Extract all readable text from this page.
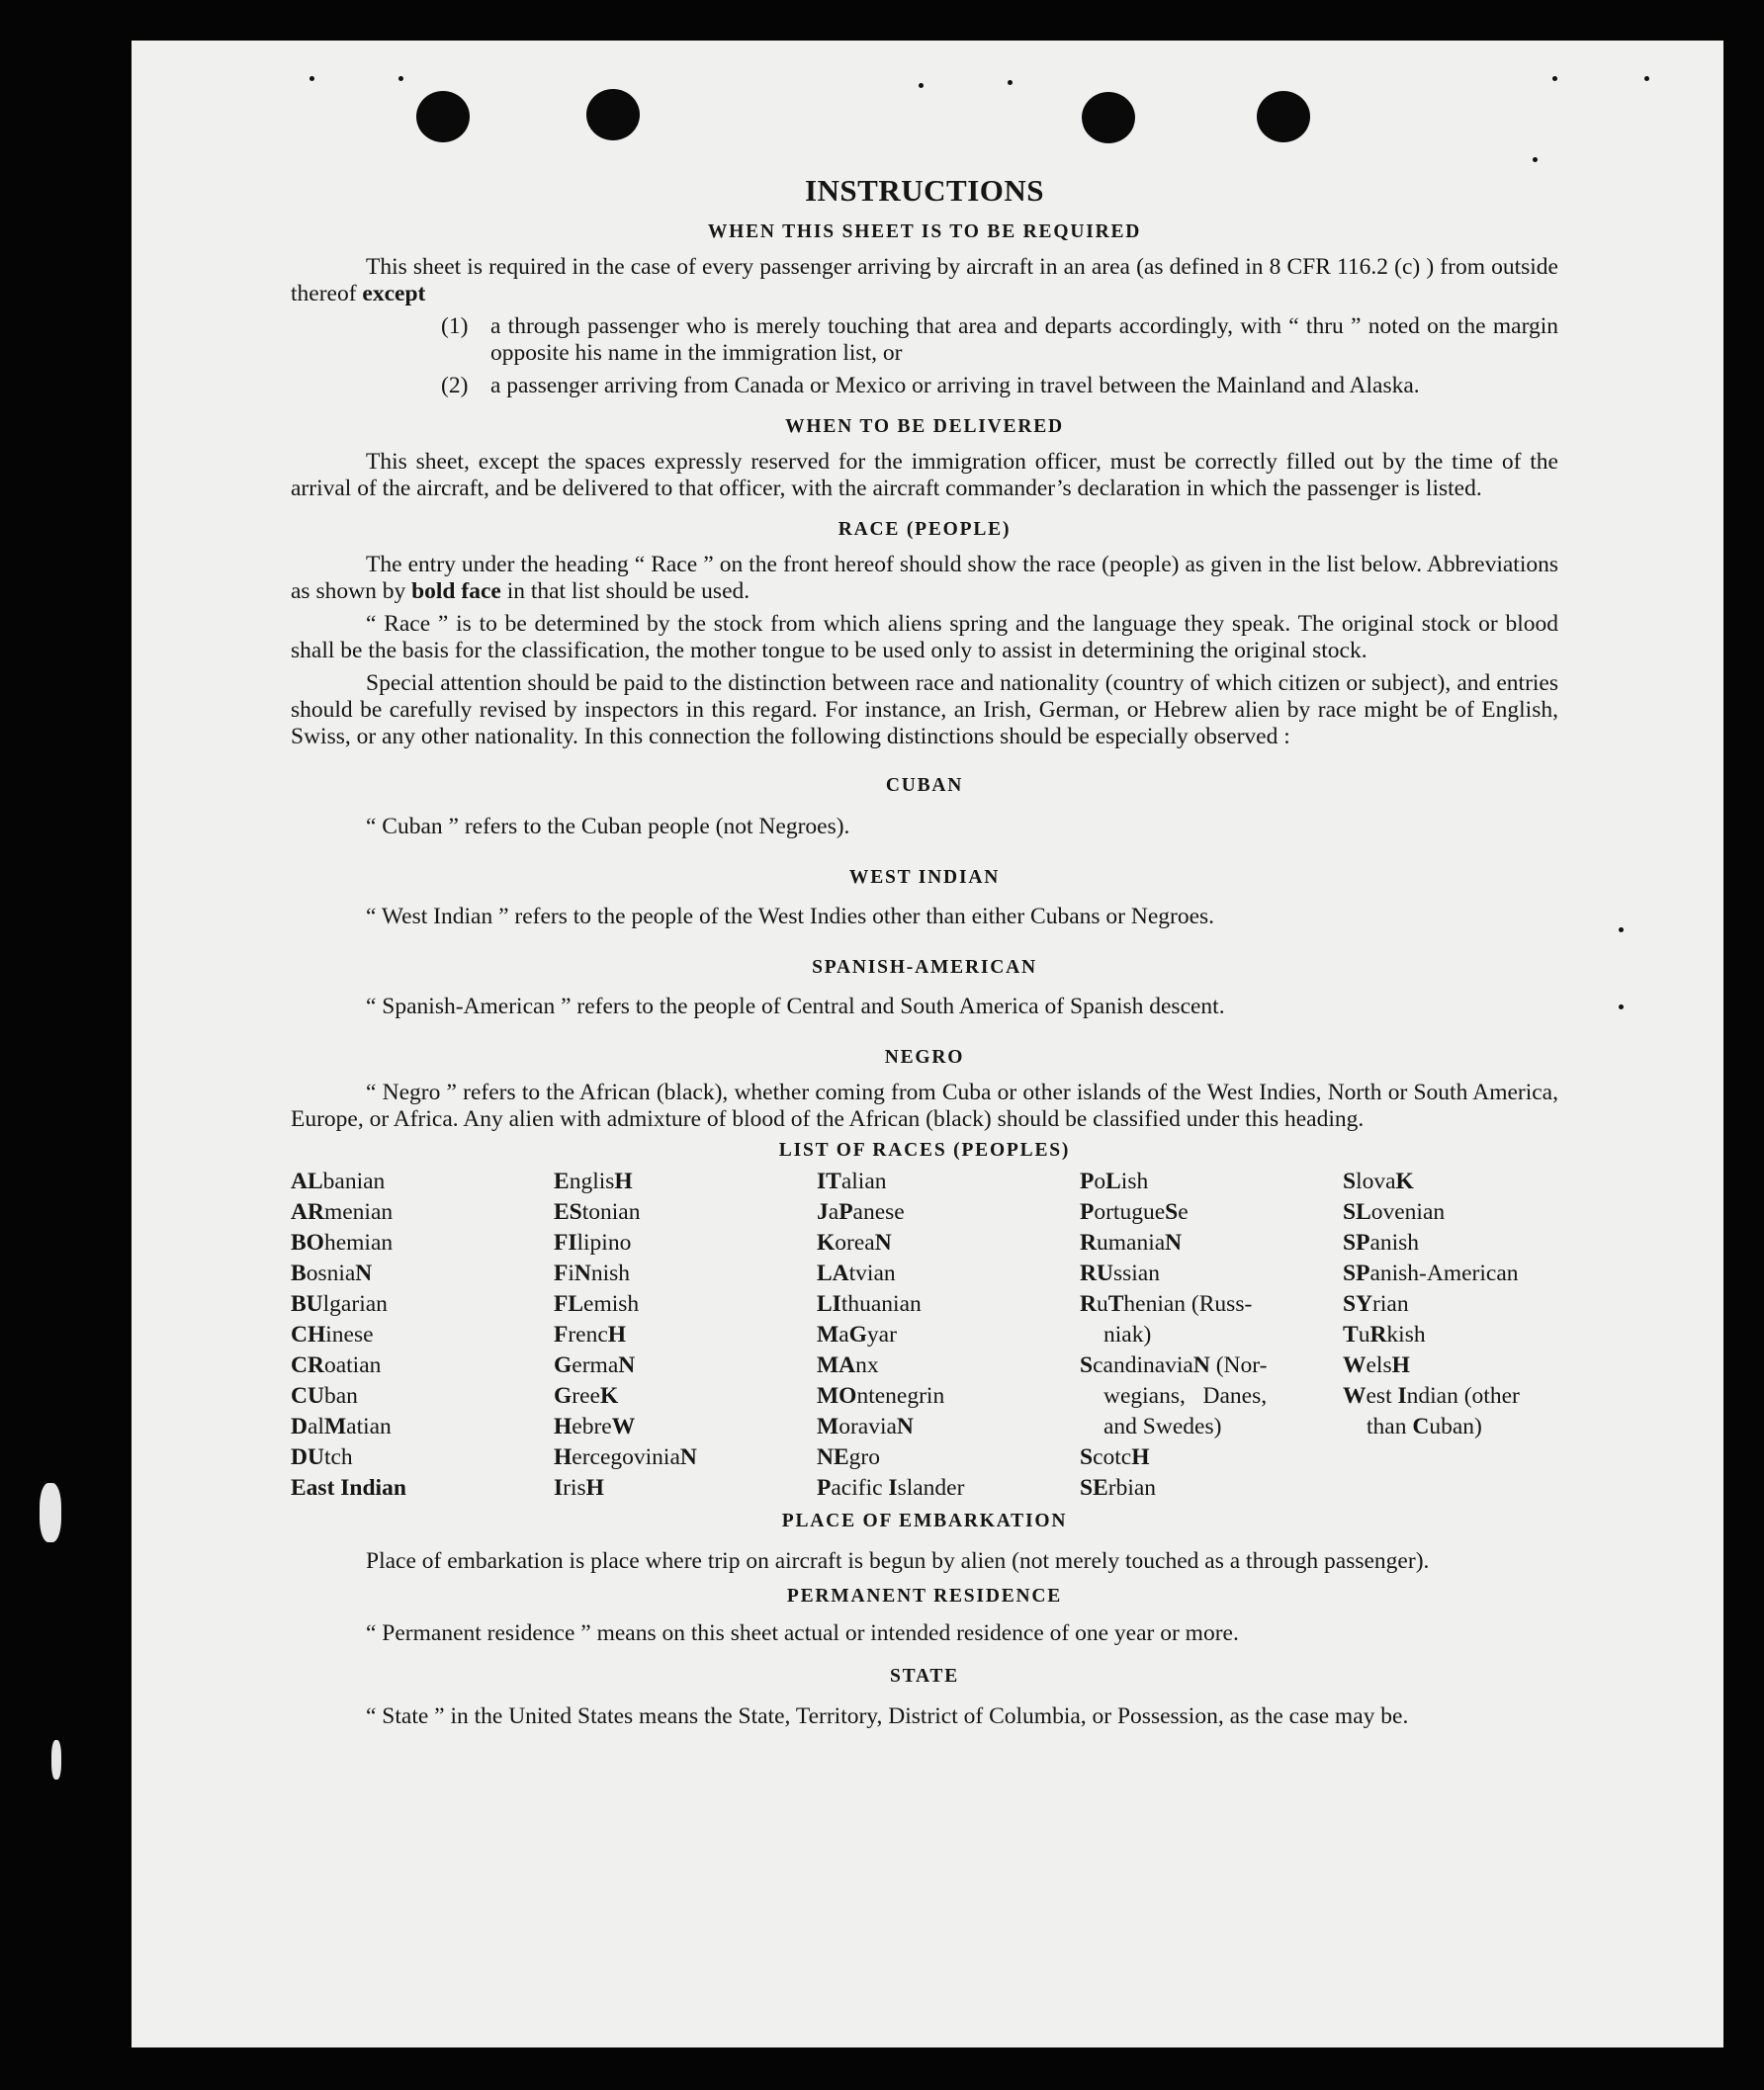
INSTRUCTIONS
WHEN THIS SHEET IS TO BE REQUIRED

This sheet is required in the case of every passenger arriving by aircraft in an area (as defined in 8 CFR 116.2 (c) ) from outside thereof except

(1) a through passenger who is merely touching that area and departs accordingly, with “ thru ” noted on the margin opposite his name in the immigration list, or
(2) a passenger arriving from Canada or Mexico or arriving in travel between the Mainland and Alaska.
WHEN TO BE DELIVERED

This sheet, except the spaces expressly reserved for the immigration officer, must be correctly filled out by the time of the arrival of the aircraft, and be delivered to that officer, with the aircraft commander’s declaration in which the passenger is listed.

RACE (PEOPLE)

The entry under the heading “ Race ” on the front hereof should show the race (people) as given in the list below. Abbreviations as shown by bold face in that list should be used.

“ Race ” is to be determined by the stock from which aliens spring and the language they speak. The original stock or blood shall be the basis for the classification, the mother tongue to be used only to assist in determining the original stock.

Special attention should be paid to the distinction between race and nationality (country of which citizen or subject), and entries should be carefully revised by inspectors in this regard. For instance, an Irish, German, or Hebrew alien by race might be of English, Swiss, or any other nationality. In this connection the following distinctions should be especially observed :

CUBAN

“ Cuban ” refers to the Cuban people (not Negroes).

WEST INDIAN

“ West Indian ” refers to the people of the West Indies other than either Cubans or Negroes.

SPANISH-AMERICAN

“ Spanish-American ” refers to the people of Central and South America of Spanish descent.

NEGRO

“ Negro ” refers to the African (black), whether coming from Cuba or other islands of the West Indies, North or South America, Europe, or Africa. Any alien with admixture of blood of the African (black) should be classified under this heading.

LIST OF RACES (PEOPLES)
ALbanian
ARmenian
BOhemian
BosniaN
BUlgarian
CHinese
CRoatian
CUban
DalMatian
DUtch
East Indian
EnglisH
EStonian
FIlipino
FiNnish
FLemish
FrencH
GermaN
GreeK
HebreW
HercegoviniaN
IrisH
ITalian
JaPanese
KoreaN
LAtvian
LIthuanian
MaGyar
MAnx
MOntenegrin
MoraviaN
NEgro
Pacific Islander
PoLish
PortugueSe
RumaniaN
RUssian
RuThenian (Russ-
niak)
ScandinaviaN (Nor-
wegians,   Danes,
and Swedes)
ScotcH
SErbian
SlovaK
SLovenian
SPanish
SPanish-American
SYrian
TuRkish
WelsH
West Indian (other
than Cuban)
PLACE OF EMBARKATION

Place of embarkation is place where trip on aircraft is begun by alien (not merely touched as a through passenger).

PERMANENT RESIDENCE

“ Permanent residence ” means on this sheet actual or intended residence of one year or more.

STATE

“ State ” in the United States means the State, Territory, District of Columbia, or Possession, as the case may be.
